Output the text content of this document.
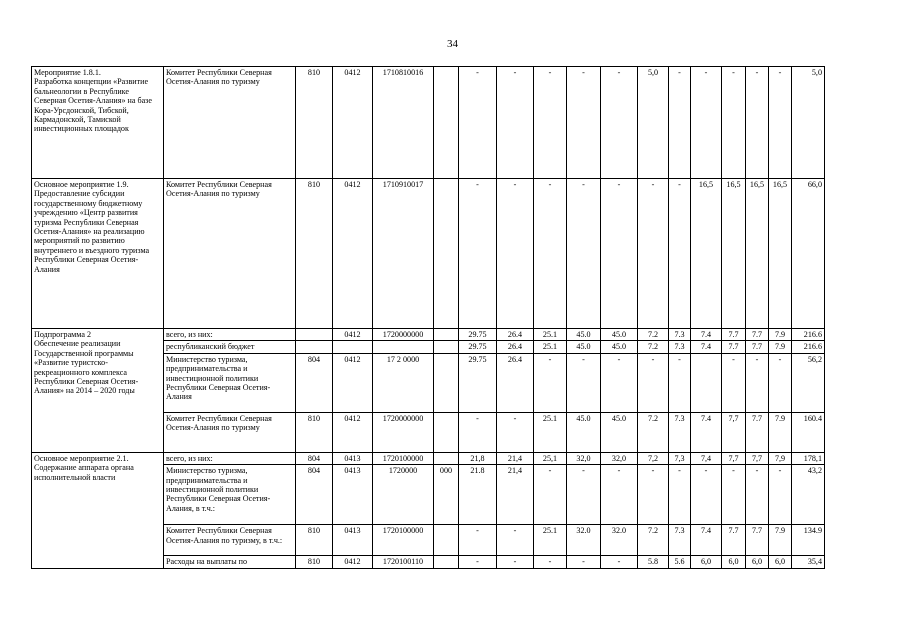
34
Мероприятие 1.8.1.
Разработка концепции «Развитие бальнеологии в Республике Северная Осетия-Алания» на базе Кора-Урсдонской, Тибской, Кармадонской, Тамиской инвестиционных площадок	Комитет Республики Северная Осетия-Алания по туризму	810	0412	1710810016		-	-	-	-	-	5,0	-	-	-	-	-	5,0
Основное мероприятие 1.9. Предоставление субсидии государственному бюджетному учреждению «Центр развития туризма Республики Северная Осетия-Алания» на реализацию мероприятий по развитию внутреннего и въездного туризма Республики Северная Осетия-Алания	Комитет Республики Северная Осетия-Алания по туризму	810	0412	1710910017		-	-	-	-	-	-	-	16,5	16,5	16,5	16,5	66,0
Подпрограмма 2
Обеспечение реализации Государственной программы «Развитие туристско-рекреационного комплекса Республики Северная Осетия-Алания» на 2014 – 2020 годы	всего, из них:		0412	1720000000		29.75	26.4	25.1	45.0	45.0	7.2	7.3	7.4	7.7	7.7	7.9	216.6
	республиканский бюджет					29.75	26.4	25.1	45.0	45.0	7.2	7.3	7.4	7.7	7.7	7.9	216.6
	Министерство туризма, предпринимательства и инвестиционной политики Республики Северная Осетия-Алания	804	0412	17 2 0000		29.75	26.4	-	-	-	-	-		-	-	-	56,2
	Комитет Республики Северная Осетия-Алания по туризму	810	0412	1720000000		-	-	25.1	45.0	45.0	7.2	7.3	7.4	7,7	7.7	7.9	160.4
Основное мероприятие 2.1. Содержание аппарата органа исполнительной власти	всего, из них:	804	0413	1720100000		21,8	21,4	25,1	32,0	32,0	7,2	7,3	7,4	7,7	7,7	7,9	178,1
	Министерство туризма, предпринимательства и инвестиционной политики Республики Северная Осетия-Алания, в т.ч.:	804	0413	1720000	000	21.8	21,4	-	-	-	-	-	-	-	-	-	43,2
	Комитет Республики Северная Осетия-Алания по туризму, в т.ч.:	810	0413	1720100000		-	-	25.1	32.0	32.0	7.2	7.3	7.4	7.7	7.7	7.9	134.9
	Расходы на выплаты по	810	0412	1720100110		-	-	-	-	-	5.8	5.6	6,0	6,0	6,0	6,0	35,4
